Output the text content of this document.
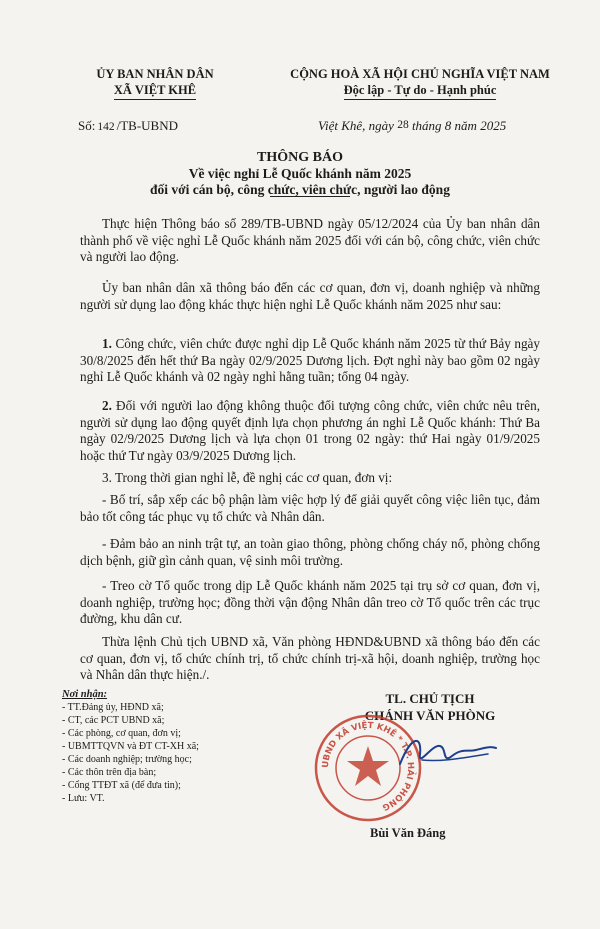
ỦY BAN NHÂN DÂN
XÃ VIỆT KHÊ
CỘNG HOÀ XÃ HỘI CHỦ NGHĨA VIỆT NAM
Độc lập - Tự do - Hạnh phúc
Số: 142 /TB-UBND	Việt Khê, ngày 28 tháng 8 năm 2025
THÔNG BÁO
Về việc nghỉ Lễ Quốc khánh năm 2025
đối với cán bộ, công chức, viên chức, người lao động
Thực hiện Thông báo số 289/TB-UBND ngày 05/12/2024 của Ủy ban nhân dân thành phố về việc nghỉ Lễ Quốc khánh năm 2025 đối với cán bộ, công chức, viên chức và người lao động.
Ủy ban nhân dân xã thông báo đến các cơ quan, đơn vị, doanh nghiệp và những người sử dụng lao động khác thực hiện nghỉ Lễ Quốc khánh năm 2025 như sau:
1. Công chức, viên chức được nghỉ dịp Lễ Quốc khánh năm 2025 từ thứ Bảy ngày 30/8/2025 đến hết thứ Ba ngày 02/9/2025 Dương lịch. Đợt nghỉ này bao gồm 02 ngày nghỉ Lễ Quốc khánh và 02 ngày nghỉ hằng tuần; tổng 04 ngày.
2. Đối với người lao động không thuộc đối tượng công chức, viên chức nêu trên, người sử dụng lao động quyết định lựa chọn phương án nghỉ Lễ Quốc khánh: Thứ Ba ngày 02/9/2025 Dương lịch và lựa chọn 01 trong 02 ngày: thứ Hai ngày 01/9/2025 hoặc thứ Tư ngày 03/9/2025 Dương lịch.
3. Trong thời gian nghỉ lễ, đề nghị các cơ quan, đơn vị:
- Bố trí, sắp xếp các bộ phận làm việc hợp lý để giải quyết công việc liên tục, đảm bảo tốt công tác phục vụ tổ chức và Nhân dân.
- Đảm bảo an ninh trật tự, an toàn giao thông, phòng chống cháy nổ, phòng chống dịch bệnh, giữ gìn cảnh quan, vệ sinh môi trường.
- Treo cờ Tổ quốc trong dịp Lễ Quốc khánh năm 2025 tại trụ sở cơ quan, đơn vị, doanh nghiệp, trường học; đồng thời vận động Nhân dân treo cờ Tổ quốc trên các trục đường, khu dân cư.
Thừa lệnh Chủ tịch UBND xã, Văn phòng HĐND&UBND xã thông báo đến các cơ quan, đơn vị, tổ chức chính trị, tổ chức chính trị-xã hội, doanh nghiệp, trường học và Nhân dân thực hiện./.
Nơi nhận:
- TT.Đảng ủy, HĐND xã;
- CT, các PCT UBND xã;
- Các phòng, cơ quan, đơn vị;
- UBMTTQVN và ĐT CT-XH xã;
- Các doanh nghiệp; trường học;
- Các thôn trên địa bàn;
- Cổng TTĐT xã (để đưa tin);
- Lưu: VT.
TL. CHỦ TỊCH
CHÁNH VĂN PHÒNG
UBND XÃ VIỆT KHÊ * T.P. HẢI PHÒNG
Bùi Văn Đáng
